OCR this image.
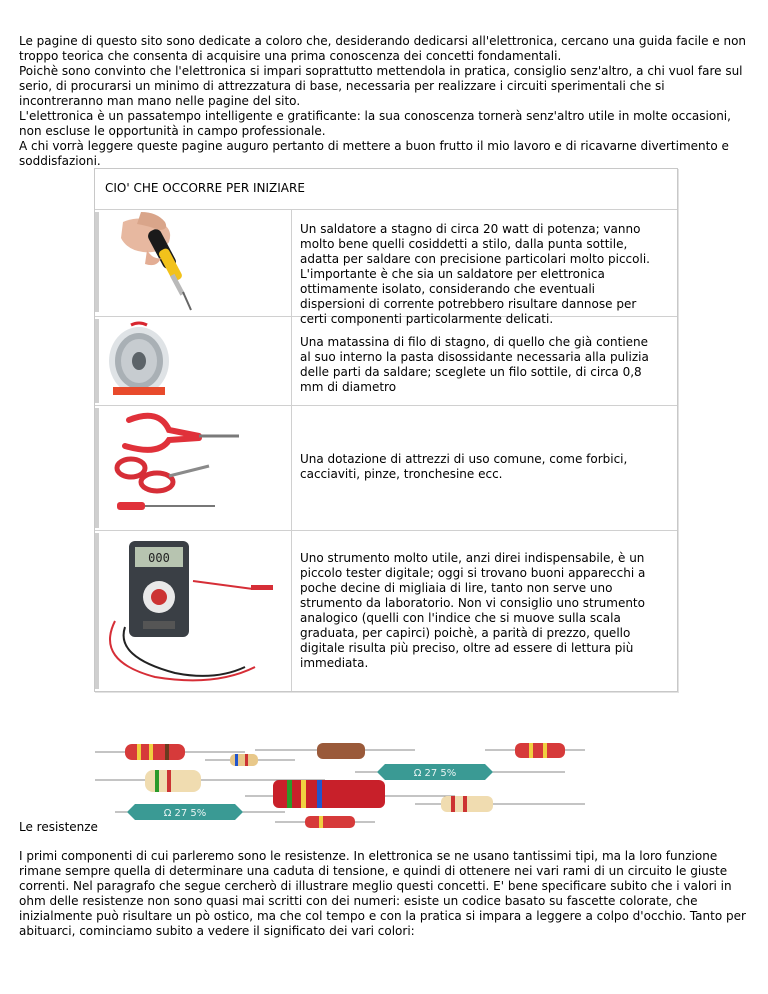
Le pagine di questo sito sono dedicate a coloro che, desiderando dedicarsi all'elettronica, cercano una guida facile e non troppo teorica che consenta di acquisire una prima conoscenza dei concetti fondamentali.

Poichè sono convinto che l'elettronica si impari soprattutto mettendola in pratica, consiglio senz'altro, a chi vuol fare sul serio, di procurarsi un minimo di attrezzatura di base, necessaria per realizzare i circuiti sperimentali che si incontreranno man mano nelle pagine del sito.

L'elettronica è un passatempo intelligente e gratificante: la sua conoscenza tornerà senz'altro utile in molte occasioni, non escluse le opportunità in campo professionale.

A chi vorrà leggere queste pagine auguro pertanto di mettere a buon frutto il mio lavoro e di ricavarne divertimento e soddisfazioni.

CIO' CHE OCCORRE PER INIZIARE
Un saldatore a stagno di circa 20 watt di potenza; vanno molto bene quelli cosiddetti a stilo, dalla punta sottile, adatta per saldare con precisione particolari molto piccoli. L'importante è che sia un saldatore per elettronica ottimamente isolato, considerando che eventuali dispersioni di corrente potrebbero risultare dannose per certi componenti particolarmente delicati.
Una matassina di filo di stagno, di quello che già contiene al suo interno la pasta disossidante necessaria alla pulizia delle parti da saldare; sceglete un filo sottile, di circa 0,8 mm di diametro
Una dotazione di attrezzi di uso comune, come forbici, cacciaviti, pinze, tronchesine ecc.
000	Uno strumento molto utile, anzi direi indispensabile, è un piccolo tester digitale; oggi si trovano buoni apparecchi a poche decine di migliaia di lire, tanto non serve uno strumento da laboratorio. Non vi consiglio uno strumento analogico (quelli con l'indice che si muove sulla scala graduata, per capirci) poichè, a parità di prezzo, quello digitale risulta più preciso, oltre ad essere di lettura più immediata.
Ω 27 5%
Ω 27 5%
Le resistenze

I primi componenti di cui parleremo sono le resistenze. In elettronica se ne usano tantissimi tipi, ma la loro funzione rimane sempre quella di determinare una caduta di tensione, e quindi di ottenere nei vari rami di un circuito le giuste correnti. Nel paragrafo che segue cercherò di illustrare meglio questi concetti. E' bene specificare subito che i valori in ohm delle resistenze non sono quasi mai scritti con dei numeri: esiste un codice basato su fascette colorate, che inizialmente può risultare un pò ostico, ma che col tempo e con la pratica si impara a leggere a colpo d'occhio. Tanto per abituarci, cominciamo subito a vedere il significato dei vari colori:
